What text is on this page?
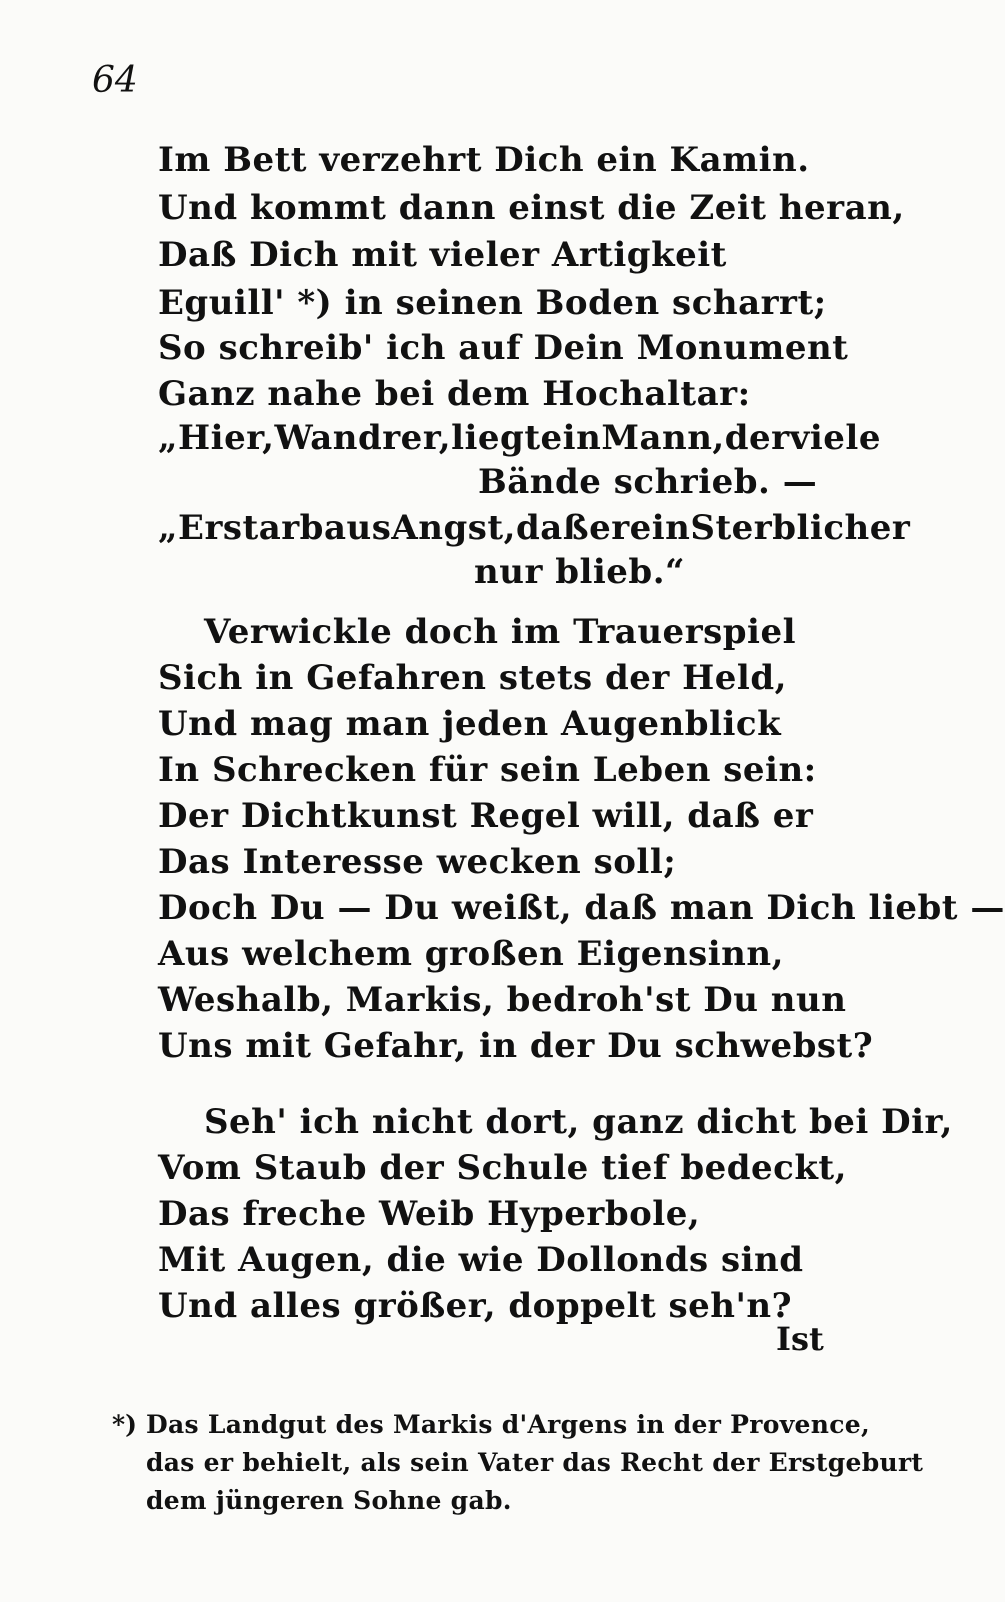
64
Im Bett verzehrt Dich ein Kamin.
Und kommt dann einst die Zeit heran,
Daß Dich mit vieler Artigkeit
Eguill' *) in seinen Boden scharrt;
So schreib' ich auf Dein Monument
Ganz nahe bei dem Hochaltar:
„Hier, Wandrer, liegt ein Mann, der viele
Bände schrieb. —
„Er starb aus Angst, daß er ein Sterblicher
nur blieb.“
Verwickle doch im Trauerspiel
Sich in Gefahren stets der Held,
Und mag man jeden Augenblick
In Schrecken für sein Leben sein:
Der Dichtkunst Regel will, daß er
Das Interesse wecken soll;
Doch Du — Du weißt, daß man Dich liebt —
Aus welchem großen Eigensinn,
Weshalb, Markis, bedroh'st Du nun
Uns mit Gefahr, in der Du schwebst?
Seh' ich nicht dort, ganz dicht bei Dir,
Vom Staub der Schule tief bedeckt,
Das freche Weib Hyperbole,
Mit Augen, die wie Dollonds sind
Und alles größer, doppelt seh'n?
Ist
*) Das Landgut des Markis d'Argens in der Provence,
das er behielt, als sein Vater das Recht der Erstgeburt
dem jüngeren Sohne gab.
